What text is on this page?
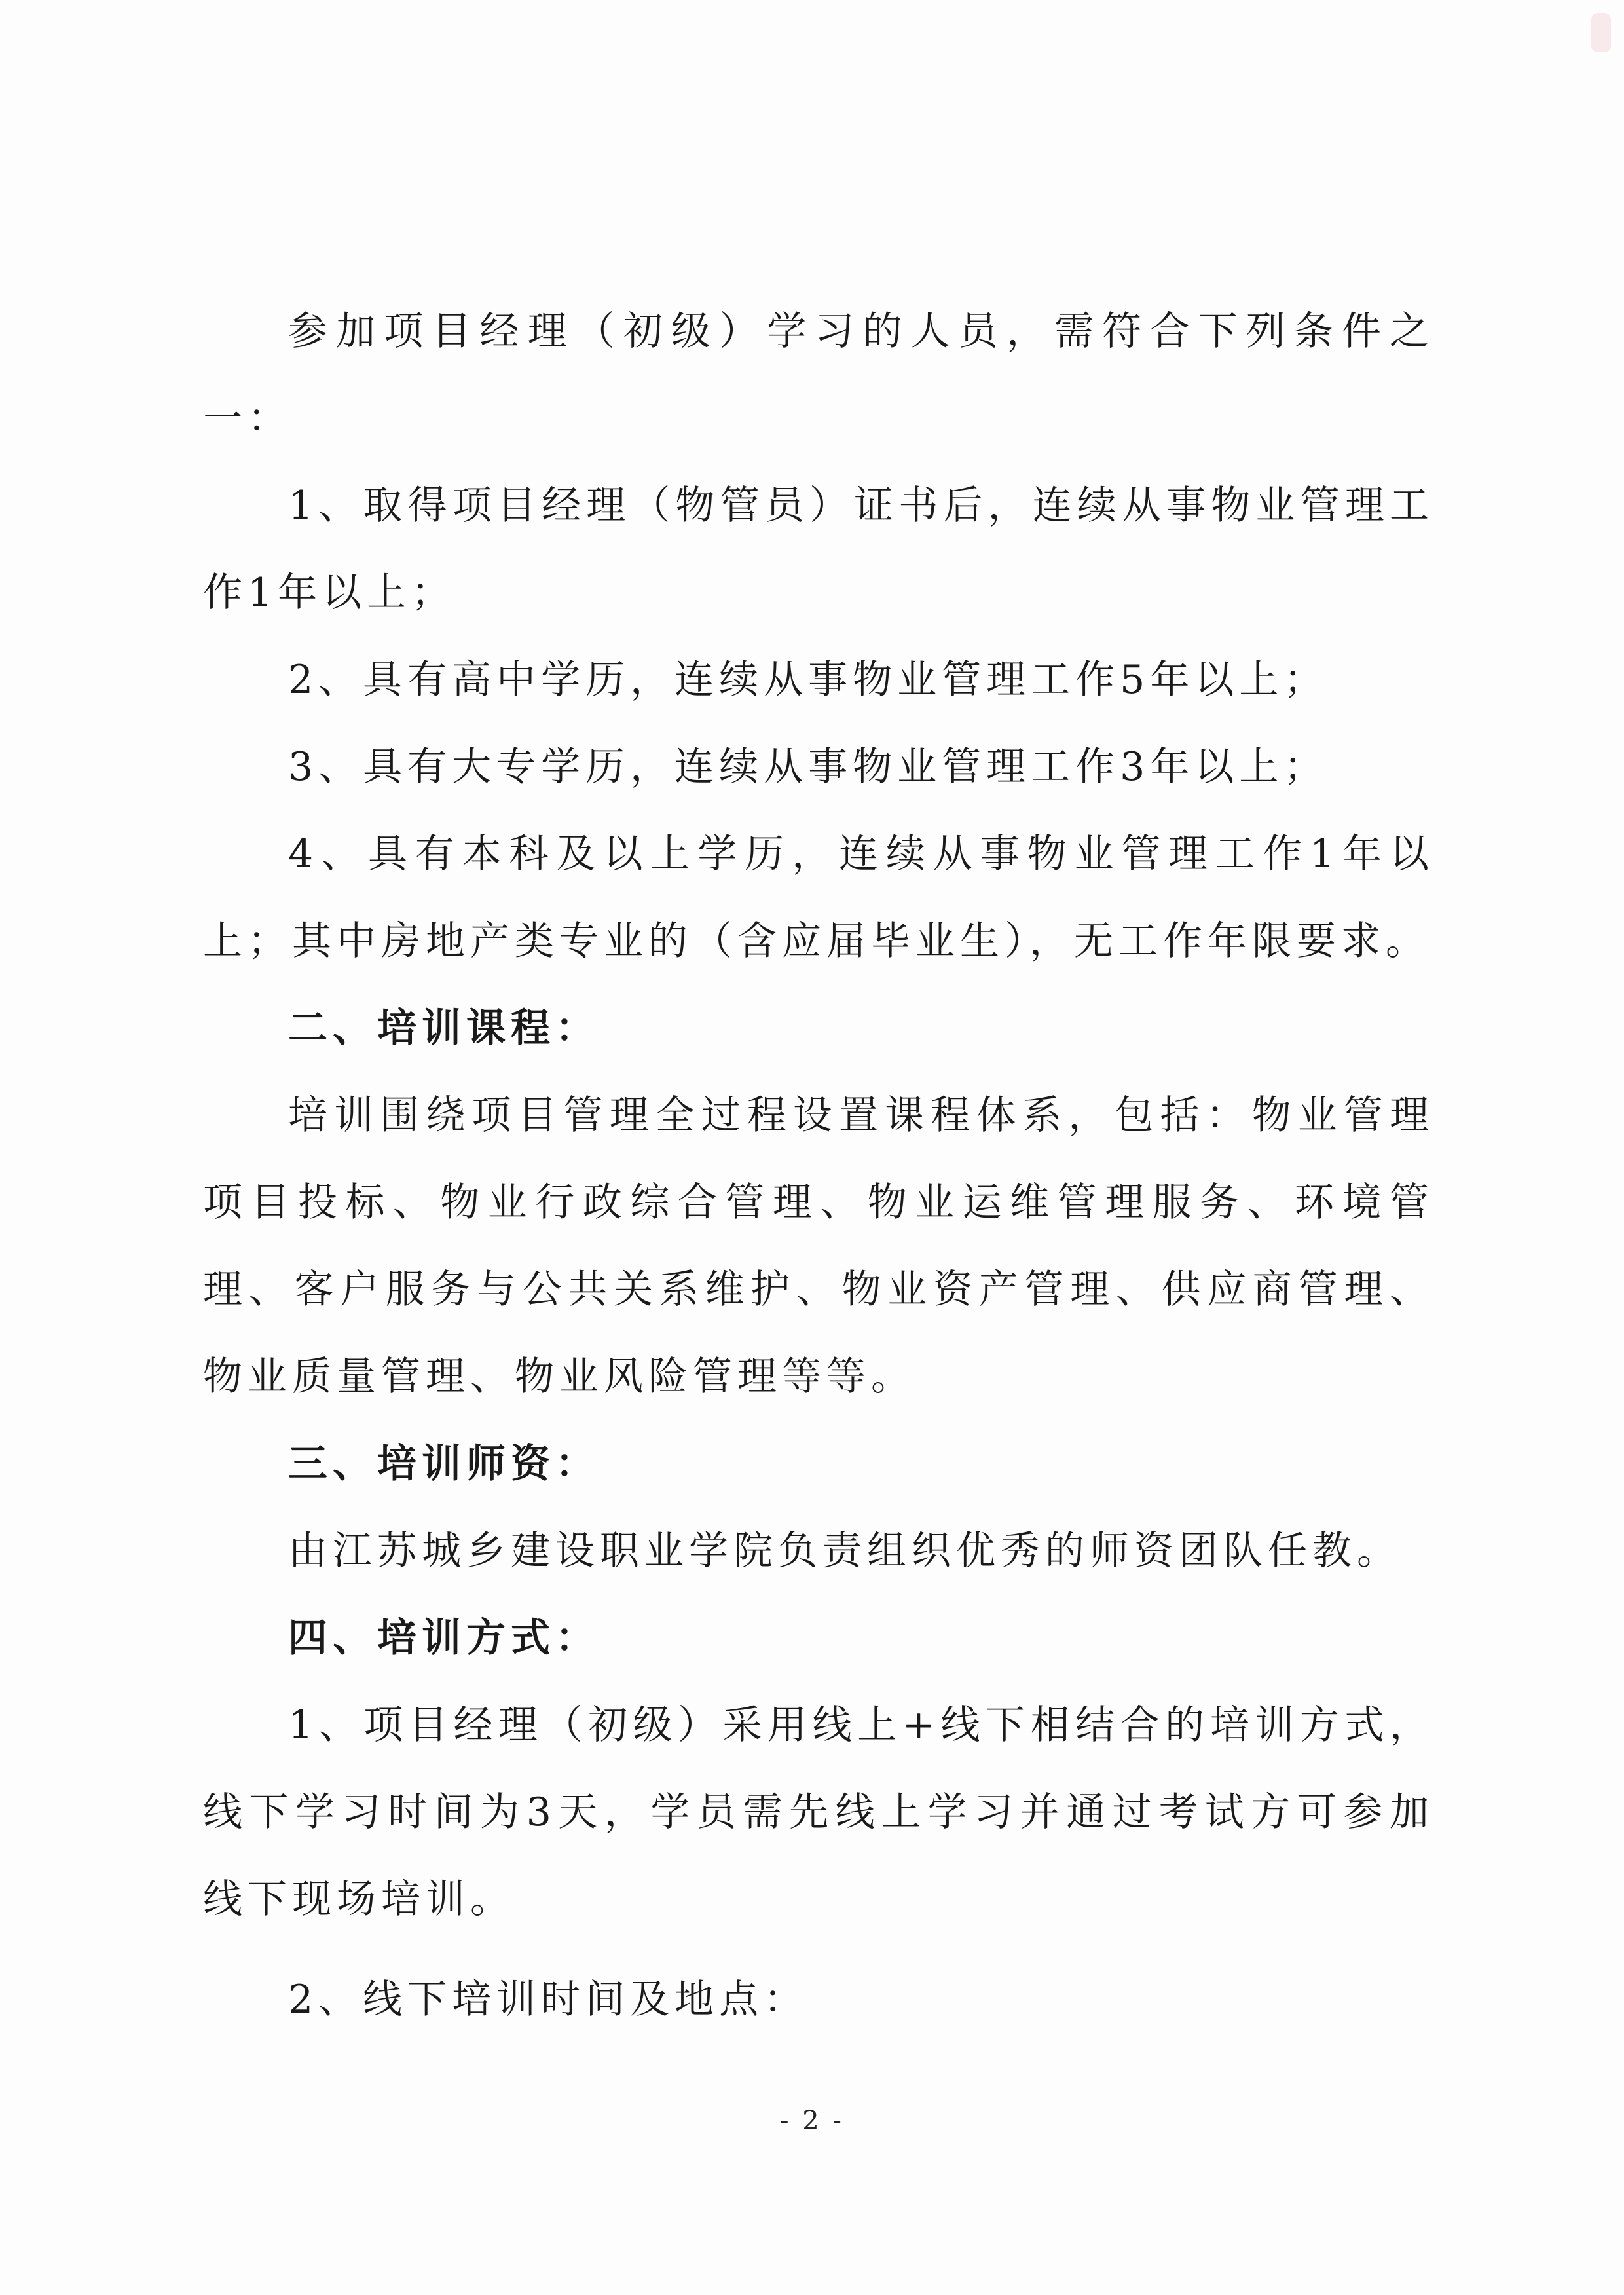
参加项目经理（初级）学习的人员，需符合下列条件之一：

1、取得项目经理（物管员）证书后，连续从事物业管理工作1年以上；

2、具有高中学历，连续从事物业管理工作5年以上；

3、具有大专学历，连续从事物业管理工作3年以上；

4、具有本科及以上学历，连续从事物业管理工作1年以上；其中房地产类专业的（含应届毕业生），无工作年限要求。

二、培训课程：

培训围绕项目管理全过程设置课程体系，包括：物业管理项目投标、物业行政综合管理、物业运维管理服务、环境管理、客户服务与公共关系维护、物业资产管理、供应商管理、物业质量管理、物业风险管理等等。

三、培训师资：

由江苏城乡建设职业学院负责组织优秀的师资团队任教。

四、培训方式：

1、项目经理（初级）采用线上+线下相结合的培训方式，线下学习时间为3天，学员需先线上学习并通过考试方可参加线下现场培训。

2、线下培训时间及地点：

- 2 -
